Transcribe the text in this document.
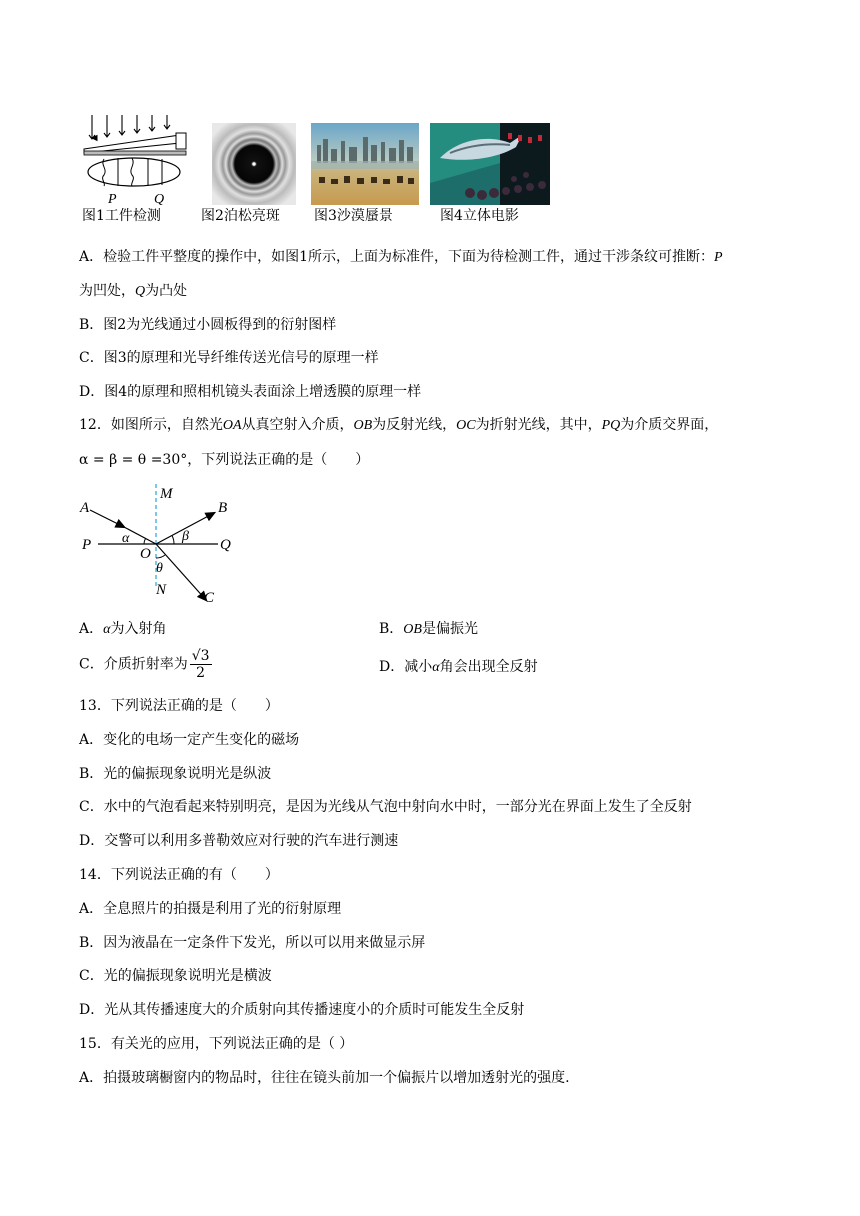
P	Q
图1工件检测	图2泊松亮斑 图3沙漠蜃景	图4立体电影
A．检验工件平整度的操作中，如图1所示，上面为标准件，下面为待检测工件，通过干涉条纹可推断：P
为凹处，Q为凸处
B．图2为光线通过小圆板得到的衍射图样
C．图3的原理和光导纤维传送光信号的原理一样
D．图4的原理和照相机镜头表面涂上增透膜的原理一样
12．如图所示，自然光OA从真空射入介质，OB为反射光线，OC为折射光线，其中，PQ为介质交界面，
α = β = θ =30°，下列说法正确的是（　　）
A	B
C
M
N
P	Q
O
α	β
θ
A．α为入射角	B．OB是偏振光
C．介质折射率为 $\frac{√3}{2}$	D．减小α角会出现全反射
13．下列说法正确的是（　　）
A．变化的电场一定产生变化的磁场
B．光的偏振现象说明光是纵波
C．水中的气泡看起来特别明亮，是因为光线从气泡中射向水中时，一部分光在界面上发生了全反射
D．交警可以利用多普勒效应对行驶的汽车进行测速
14．下列说法正确的有（　　）
A．全息照片的拍摄是利用了光的衍射原理
B．因为液晶在一定条件下发光，所以可以用来做显示屏
C．光的偏振现象说明光是横波
D．光从其传播速度大的介质射向其传播速度小的介质时可能发生全反射
15．有关光的应用，下列说法正确的是（ ）
A．拍摄玻璃橱窗内的物品时，往往在镜头前加一个偏振片以增加透射光的强度.
